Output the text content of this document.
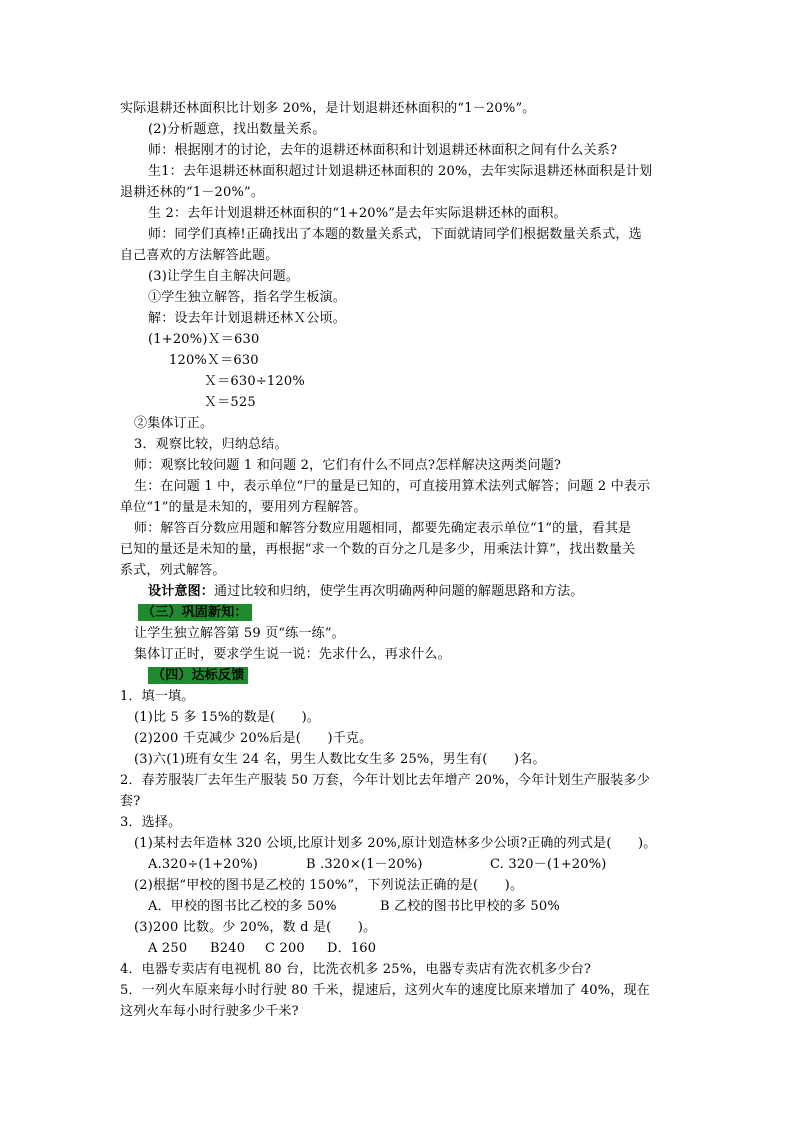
实际退耕还林面积比计划多 20%，是计划退耕还林面积的“1－20%”。
(2)分析题意，找出数量关系。
师：根据刚才的讨论，去年的退耕还林面积和计划退耕还林面积之间有什么关系?
生1：去年退耕还林面积超过计划退耕还林面积的 20%，去年实际退耕还林面积是计划
退耕还林的“1－20%”。
生 2：去年计划退耕还林面积的“1+20%”是去年实际退耕还林的面积。
师：同学们真棒!正确找出了本题的数量关系式，下面就请同学们根据数量关系式，选
自己喜欢的方法解答此题。
(3)让学生自主解决问题。
①学生独立解答，指名学生板演。
解：设去年计划退耕还林Ｘ公顷。
(1+20%)Ｘ＝630
120%Ｘ＝630
Ｘ＝630÷120%
Ｘ＝525
②集体订正。
3．观察比较，归纳总结。
师：观察比较问题 1 和问题 2，它们有什么不同点?怎样解决这两类问题?
生：在问题 1 中，表示单位“尸的量是已知的，可直接用算术法列式解答；问题 2 中表示
单位“1”的量是未知的，要用列方程解答。
师：解答百分数应用题和解答分数应用题相同，都要先确定表示单位“1”的量，看其是
已知的量还是未知的量，再根据“求一个数的百分之几是多少，用乘法计算”，找出数量关
系式，列式解答。
设计意图：通过比较和归纳，使学生再次明确两种问题的解题思路和方法。
（三）巩固新知：
让学生独立解答第 59 页“练一练”。
集体订正时，要求学生说一说：先求什么，再求什么。
（四）达标反馈
1．填一填。
(1)比 5 多 15%的数是(　　)。
(2)200 千克减少 20%后是(　　)千克。
(3)六(1)班有女生 24 名，男生人数比女生多 25%，男生有(　　)名。
2．春芳服装厂去年生产服装 50 万套，今年计划比去年增产 20%，今年计划生产服装多少
套?
3．选择。
(1)某村去年造林 320 公顷,比原计划多 20%,原计划造林多少公顷?正确的列式是(　　)。
A.320÷(1+20%)	B .320×(1－20%)	C. 320－(1+20%)
(2)根据“甲校的图书是乙校的 150%”，下列说法正确的是(　　)。
A．甲校的图书比乙校的多 50%	B 乙校的图书比甲校的多 50%
(3)200 比数。少 20%，数 d 是(　　)。
A 250 B240 C 200 D．160
4．电器专卖店有电视机 80 台，比洗衣机多 25%，电器专卖店有洗衣机多少台?
5．一列火车原来每小时行驶 80 千米，提速后，这列火车的速度比原来增加了 40%，现在
这列火车每小时行驶多少千米?
